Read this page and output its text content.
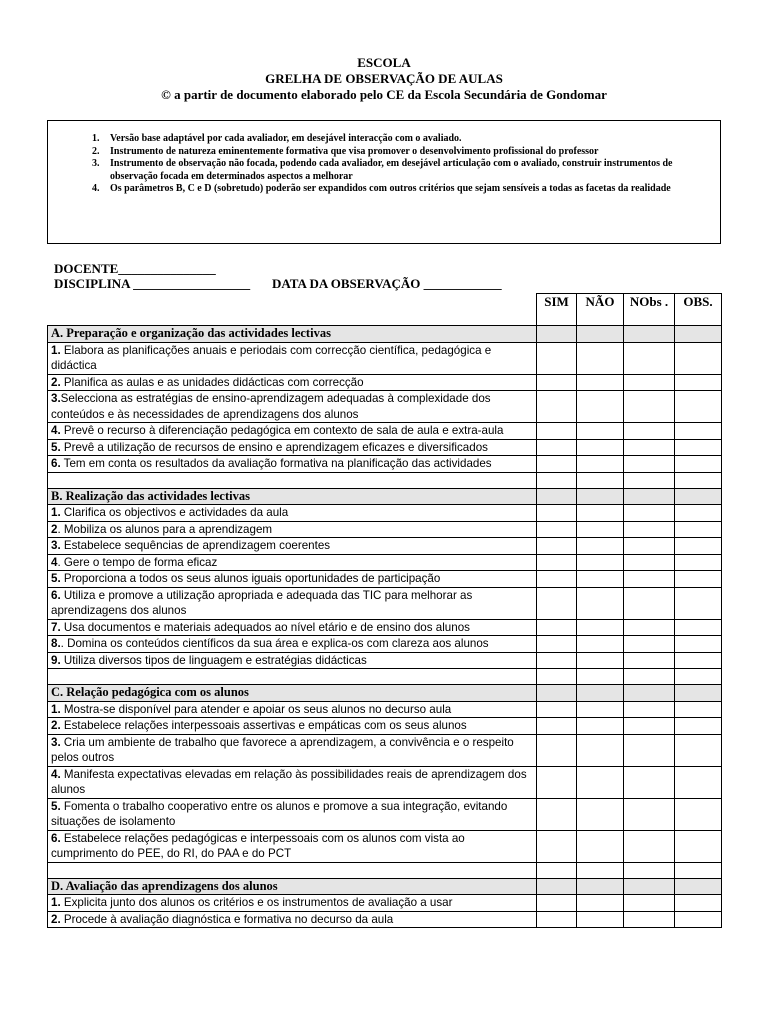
ESCOLA
GRELHA DE OBSERVAÇÃO DE AULAS
© a partir de documento elaborado pelo CE da Escola Secundária de Gondomar
1. Versão base adaptável por cada avaliador, em desejável interacção com o avaliado.
2. Instrumento de natureza eminentemente formativa que visa promover o desenvolvimento profissional do professor
3. Instrumento de observação não focada, podendo cada avaliador, em desejável articulação com o avaliado, construir instrumentos de observação focada em determinados aspectos a melhorar
4. Os parâmetros B, C e D (sobretudo) poderão ser expandidos com outros critérios que sejam sensíveis a todas as facetas da realidade
DOCENTE_______________
DISCIPLINA __________________ DATA DA OBSERVAÇÃO ____________
	SIM	NÃO	NObs .	OBS.
A. Preparação e organização das actividades lectivas				
1. Elabora as planificações anuais e periodais com correcção científica, pedagógica e didáctica				
2. Planifica as aulas e as unidades didácticas com correcção				
3.Selecciona as estratégias de ensino-aprendizagem adequadas à complexidade dos conteúdos e às necessidades de aprendizagens dos alunos				
4. Prevê o recurso à diferenciação pedagógica em contexto de sala de aula e extra-aula				
5. Prevê a utilização de recursos de ensino e aprendizagem eficazes e diversificados				
6. Tem em conta os resultados da avaliação formativa na planificação das actividades				

B. Realização das actividades lectivas				
1. Clarifica os objectivos e actividades da aula				
2. Mobiliza os alunos para a aprendizagem				
3. Estabelece sequências de aprendizagem coerentes				
4. Gere o tempo de forma eficaz				
5. Proporciona a todos os seus alunos iguais oportunidades de participação				
6. Utiliza e promove a utilização apropriada e adequada das TIC para melhorar as aprendizagens dos alunos				
7. Usa documentos e materiais adequados ao nível etário e de ensino dos alunos				
8.. Domina os conteúdos científicos da sua área e explica-os com clareza aos alunos				
9. Utiliza diversos tipos de linguagem e estratégias didácticas				

C. Relação pedagógica com os alunos				
1. Mostra-se disponível para atender e apoiar os seus alunos no decurso aula				
2. Estabelece relações interpessoais assertivas e empáticas com os seus alunos				
3. Cria um ambiente de trabalho que favorece a aprendizagem, a convivência e o respeito pelos outros				
4. Manifesta expectativas elevadas em relação às possibilidades reais de aprendizagem dos alunos				
5. Fomenta o trabalho cooperativo entre os alunos e promove a sua integração, evitando situações de isolamento				
6. Estabelece relações pedagógicas e interpessoais com os alunos com vista ao cumprimento do PEE, do RI, do PAA e do PCT				

D. Avaliação das aprendizagens dos alunos				
1. Explicita junto dos alunos os critérios e os instrumentos de avaliação a usar				
2. Procede à avaliação diagnóstica e formativa no decurso da aula				
